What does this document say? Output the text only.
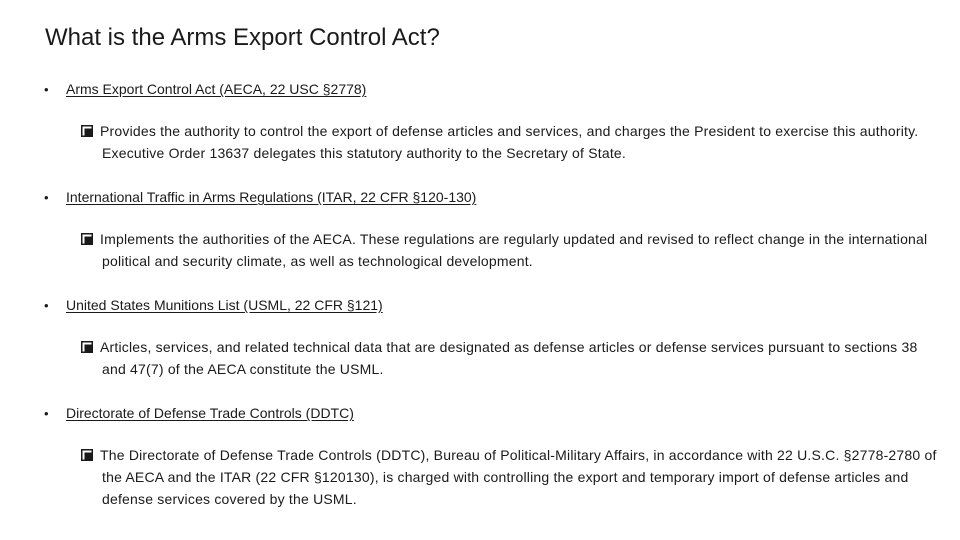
What is the Arms Export Control Act?
• Arms Export Control Act (AECA, 22 USC §2778)
Provides the authority to control the export of defense articles and services, and charges the President to exercise this authority. Executive Order 13637 delegates this statutory authority to the Secretary of State.
• International Traffic in Arms Regulations (ITAR, 22 CFR §120-130)
Implements the authorities of the AECA. These regulations are regularly updated and revised to reflect change in the international political and security climate, as well as technological development.
• United States Munitions List (USML, 22 CFR §121)
Articles, services, and related technical data that are designated as defense articles or defense services pursuant to sections 38 and 47(7) of the AECA constitute the USML.
• Directorate of Defense Trade Controls (DDTC)
The Directorate of Defense Trade Controls (DDTC), Bureau of Political-Military Affairs, in accordance with 22 U.S.C. §2778-2780 of the AECA and the ITAR (22 CFR §120130), is charged with controlling the export and temporary import of defense articles and defense services covered by the USML.
